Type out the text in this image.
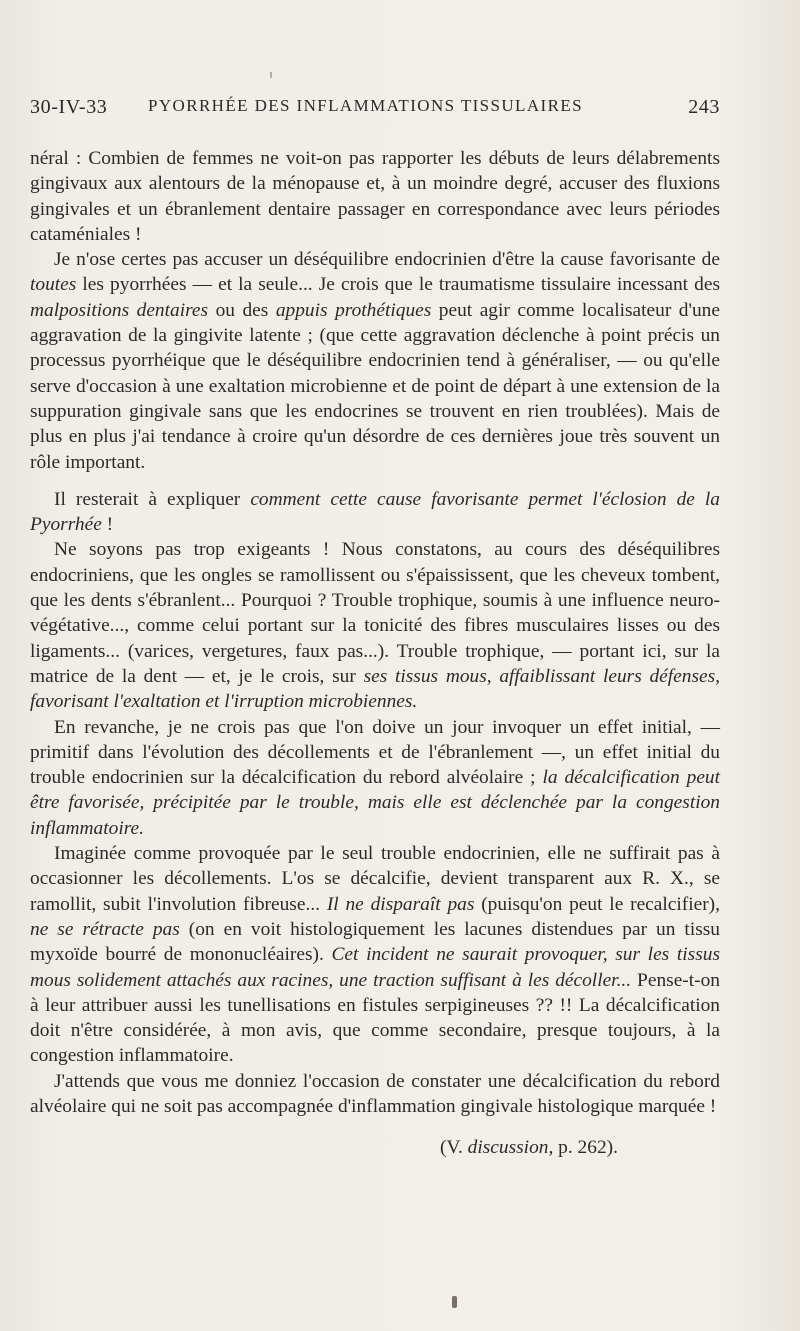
30-IV-33 PYORRHÉE DES INFLAMMATIONS TISSULAIRES	243

néral : Combien de femmes ne voit-on pas rapporter les débuts de leurs délabrements gingivaux aux alentours de la ménopause et, à un moindre degré, accuser des fluxions gingivales et un ébranlement dentaire passager en correspondance avec leurs périodes cataméniales !

Je n'ose certes pas accuser un déséquilibre endocrinien d'être la cause favorisante de toutes les pyorrhées — et la seule... Je crois que le traumatisme tissulaire incessant des malpositions dentaires ou des appuis prothétiques peut agir comme localisateur d'une aggravation de la gingivite latente ; (que cette aggravation déclenche à point précis un processus pyorrhéique que le déséquilibre endocrinien tend à généraliser, — ou qu'elle serve d'occasion à une exaltation microbienne et de point de départ à une extension de la suppuration gingivale sans que les endocrines se trouvent en rien troublées). Mais de plus en plus j'ai tendance à croire qu'un désordre de ces dernières joue très souvent un rôle important.

Il resterait à expliquer comment cette cause favorisante permet l'éclosion de la Pyorrhée !

Ne soyons pas trop exigeants ! Nous constatons, au cours des déséquilibres endocriniens, que les ongles se ramollissent ou s'épaississent, que les cheveux tombent, que les dents s'ébranlent... Pourquoi ? Trouble trophique, soumis à une influence neuro-végétative..., comme celui portant sur la tonicité des fibres musculaires lisses ou des ligaments... (varices, vergetures, faux pas...). Trouble trophique, — portant ici, sur la matrice de la dent — et, je le crois, sur ses tissus mous, affaiblissant leurs défenses, favorisant l'exaltation et l'irruption microbiennes.

En revanche, je ne crois pas que l'on doive un jour invoquer un effet initial, — primitif dans l'évolution des décollements et de l'ébranlement —, un effet initial du trouble endocrinien sur la décalcification du rebord alvéolaire ; la décalcification peut être favorisée, précipitée par le trouble, mais elle est déclenchée par la congestion inflammatoire.

Imaginée comme provoquée par le seul trouble endocrinien, elle ne suffirait pas à occasionner les décollements. L'os se décalcifie, devient transparent aux R. X., se ramollit, subit l'involution fibreuse... Il ne disparaît pas (puisqu'on peut le recalcifier), ne se rétracte pas (on en voit histologiquement les lacunes distendues par un tissu myxoïde bourré de mononucléaires). Cet incident ne saurait provoquer, sur les tissus mous solidement attachés aux racines, une traction suffisant à les décoller... Pense-t-on à leur attribuer aussi les tunellisations en fistules serpigineuses ?? !! La décalcification doit n'être considérée, à mon avis, que comme secondaire, presque toujours, à la congestion inflammatoire.

J'attends que vous me donniez l'occasion de constater une décalcification du rebord alvéolaire qui ne soit pas accompagnée d'inflammation gingivale histologique marquée !

(V. discussion, p. 262).
